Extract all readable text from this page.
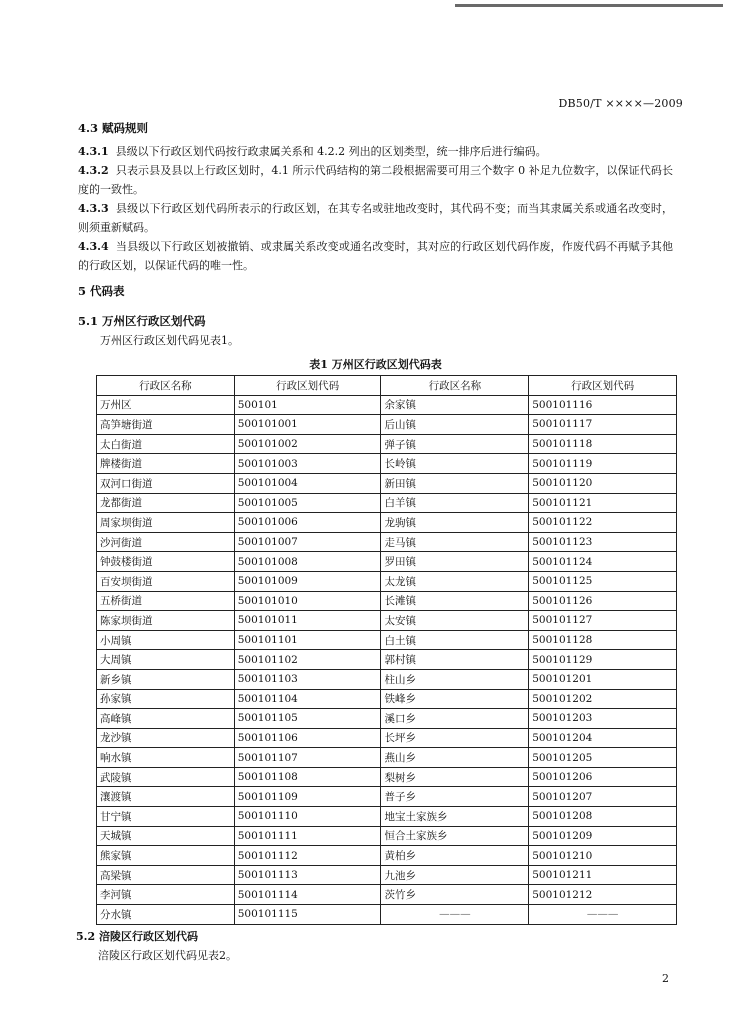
DB50/T ××××—2009
4.3 赋码规则

4.3.1 县级以下行政区划代码按行政隶属关系和 4.2.2 列出的区划类型，统一排序后进行编码。

4.3.2 只表示县及县以上行政区划时，4.1 所示代码结构的第二段根据需要可用三个数字 0 补足九位数字，以保证代码长度的一致性。

4.3.3 县级以下行政区划代码所表示的行政区划，在其专名或驻地改变时，其代码不变；而当其隶属关系或通名改变时，则须重新赋码。

4.3.4 当县级以下行政区划被撤销、或隶属关系改变或通名改变时，其对应的行政区划代码作废，作废代码不再赋予其他的行政区划，以保证代码的唯一性。

5 代码表
5.1 万州区行政区划代码

万州区行政区划代码见表1。

表1 万州区行政区划代码表
行政区名称	行政区划代码	行政区名称	行政区划代码
万州区	500101	余家镇	500101116
高笋塘街道	500101001	后山镇	500101117
太白街道	500101002	弹子镇	500101118
牌楼街道	500101003	长岭镇	500101119
双河口街道	500101004	新田镇	500101120
龙都街道	500101005	白羊镇	500101121
周家坝街道	500101006	龙驹镇	500101122
沙河街道	500101007	走马镇	500101123
钟鼓楼街道	500101008	罗田镇	500101124
百安坝街道	500101009	太龙镇	500101125
五桥街道	500101010	长滩镇	500101126
陈家坝街道	500101011	太安镇	500101127
小周镇	500101101	白土镇	500101128
大周镇	500101102	郭村镇	500101129
新乡镇	500101103	柱山乡	500101201
孙家镇	500101104	铁峰乡	500101202
高峰镇	500101105	溪口乡	500101203
龙沙镇	500101106	长坪乡	500101204
响水镇	500101107	燕山乡	500101205
武陵镇	500101108	梨树乡	500101206
瀼渡镇	500101109	普子乡	500101207
甘宁镇	500101110	地宝土家族乡	500101208
天城镇	500101111	恒合土家族乡	500101209
熊家镇	500101112	黄柏乡	500101210
高梁镇	500101113	九池乡	500101211
李河镇	500101114	茨竹乡	500101212
分水镇	500101115	———	———
5.2 涪陵区行政区划代码

涪陵区行政区划代码见表2。

2
